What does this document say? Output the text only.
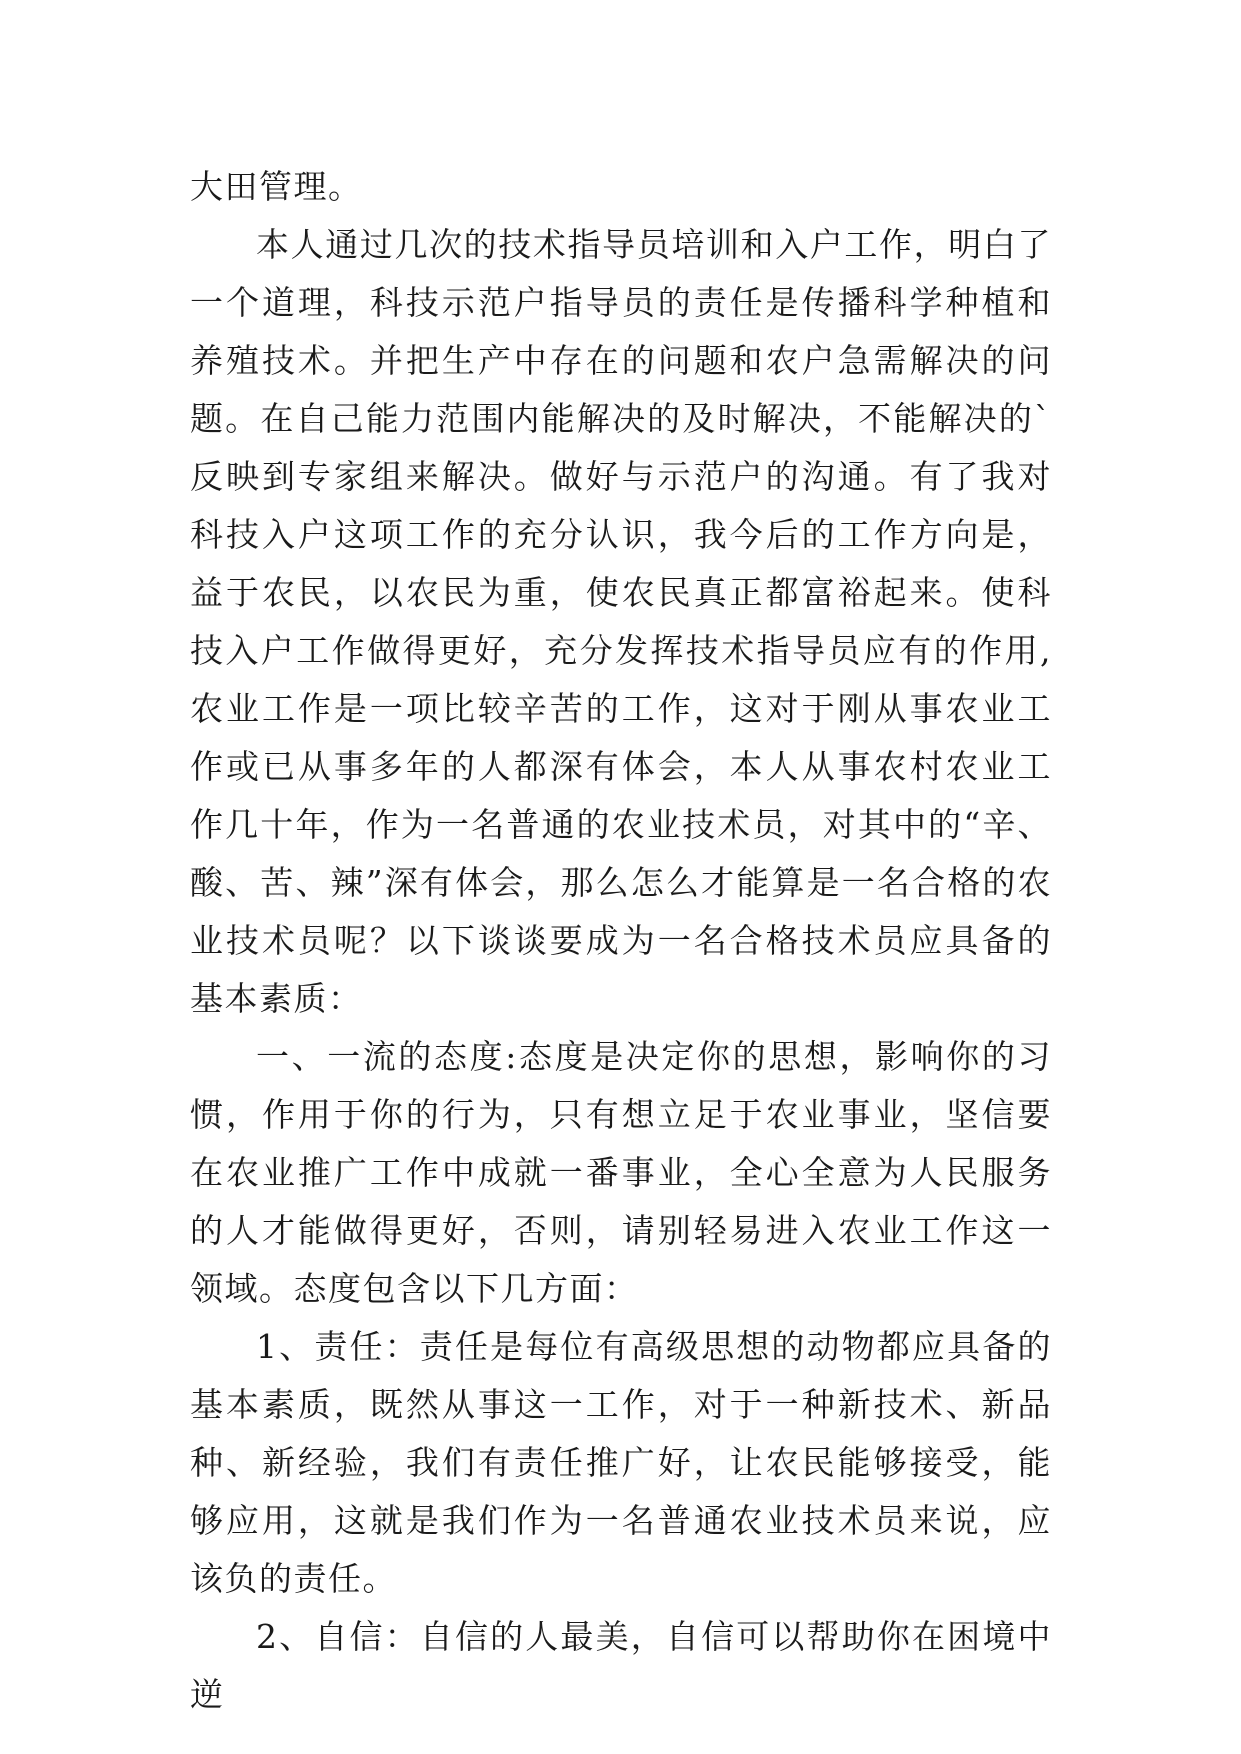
大田管理。

本人通过几次的技术指导员培训和入户工作，明白了一个道理，科技示范户指导员的责任是传播科学种植和养殖技术。并把生产中存在的问题和农户急需解决的问题。在自己能力范围内能解决的及时解决，不能解决的`反映到专家组来解决。做好与示范户的沟通。有了我对科技入户这项工作的充分认识，我今后的工作方向是，益于农民，以农民为重，使农民真正都富裕起来。使科技入户工作做得更好，充分发挥技术指导员应有的作用,农业工作是一项比较辛苦的工作，这对于刚从事农业工作或已从事多年的人都深有体会，本人从事农村农业工作几十年，作为一名普通的农业技术员，对其中的“辛、酸、苦、辣”深有体会，那么怎么才能算是一名合格的农业技术员呢？以下谈谈要成为一名合格技术员应具备的基本素质：

一、一流的态度:态度是决定你的思想，影响你的习惯，作用于你的行为，只有想立足于农业事业，坚信要在农业推广工作中成就一番事业，全心全意为人民服务的人才能做得更好，否则，请别轻易进入农业工作这一领域。态度包含以下几方面：

1、责任：责任是每位有高级思想的动物都应具备的基本素质，既然从事这一工作，对于一种新技术、新品种、新经验，我们有责任推广好，让农民能够接受，能够应用，这就是我们作为一名普通农业技术员来说，应该负的责任。

2、自信：自信的人最美，自信可以帮助你在困境中逆
